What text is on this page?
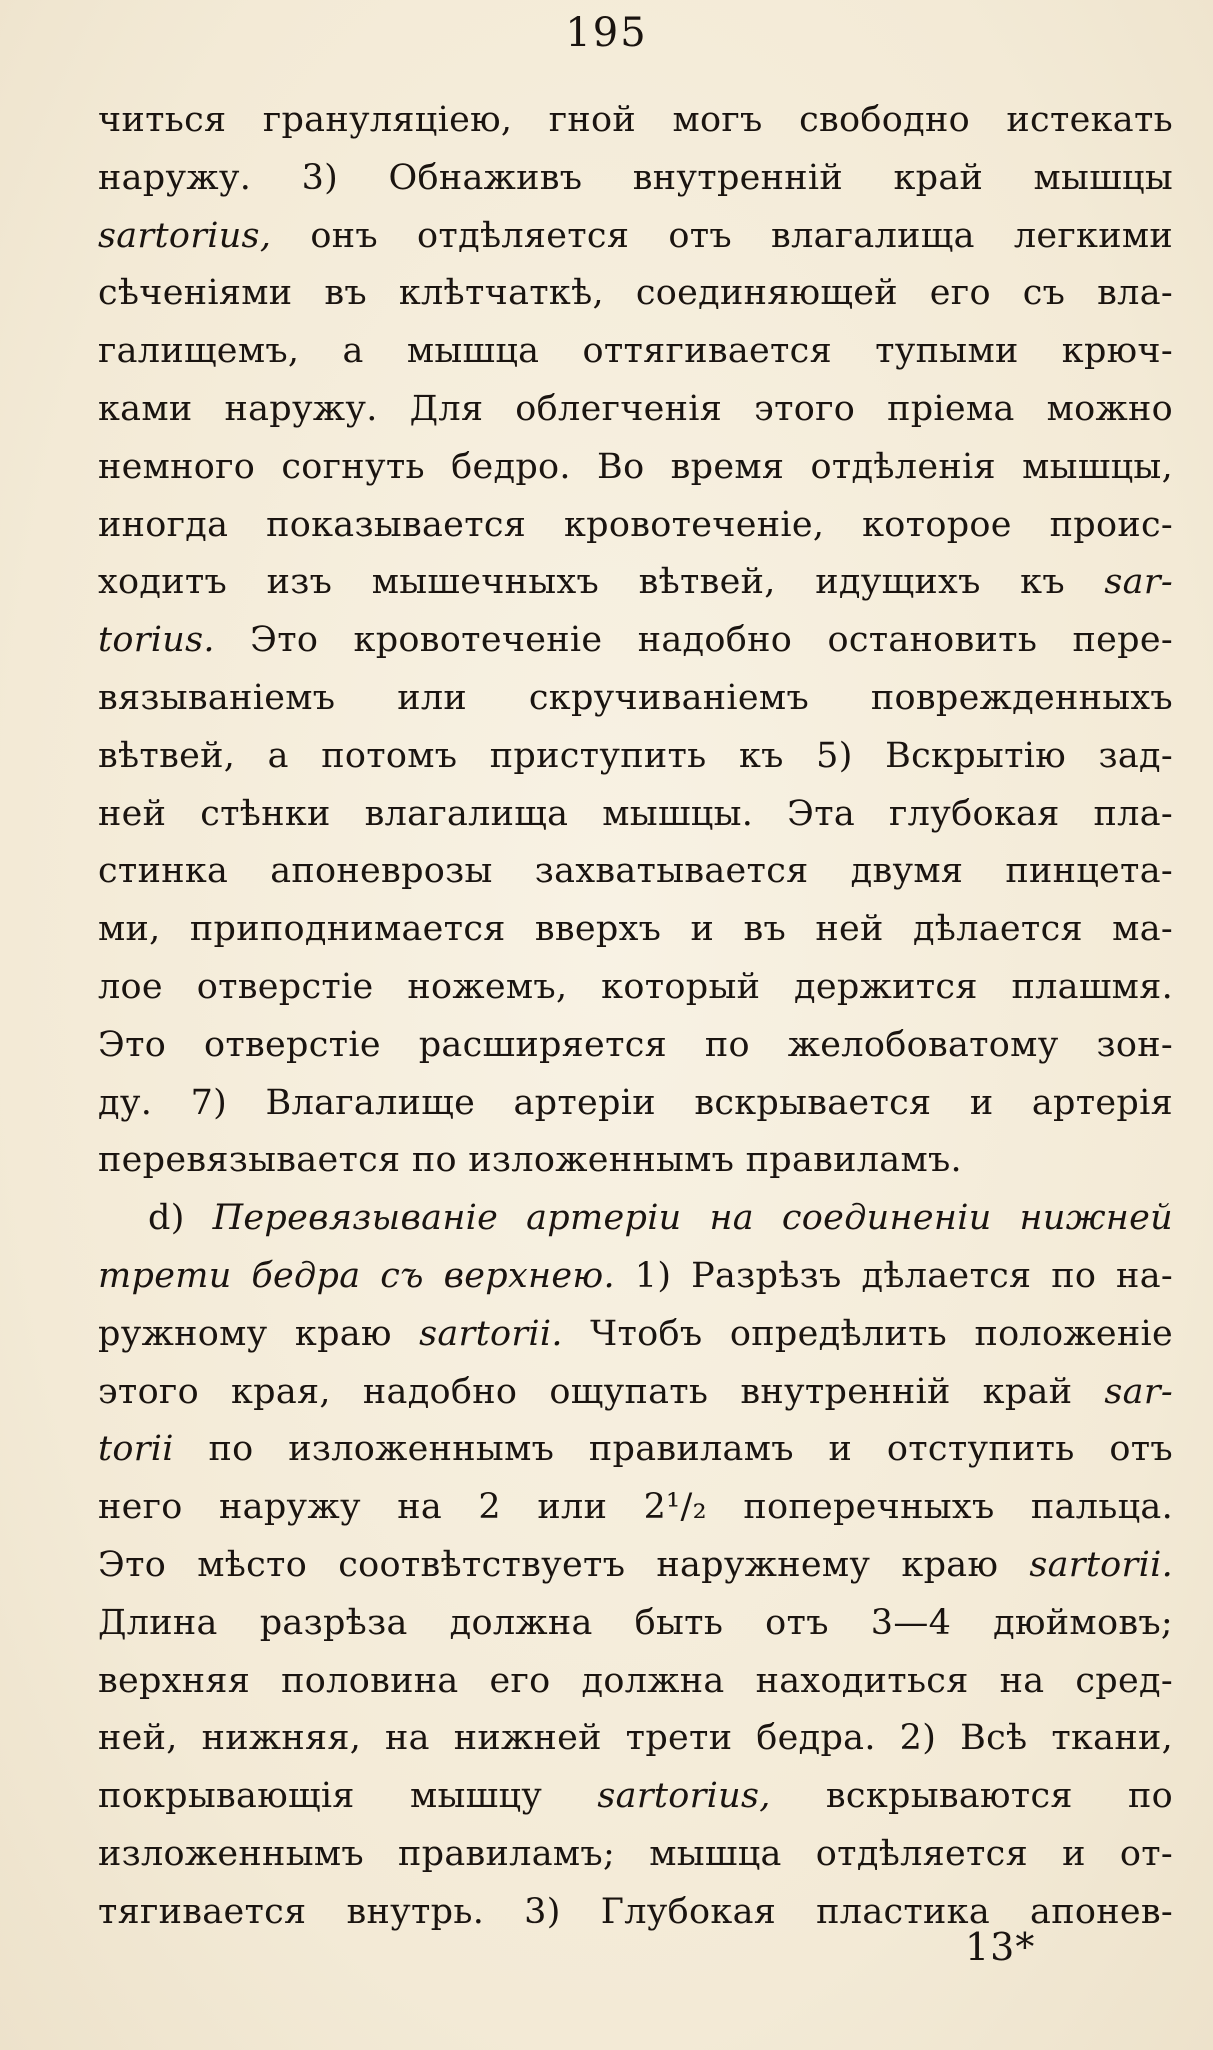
195
читься грануляціею, гной могъ свободно истекать
наружу. 3) Обнаживъ внутренній край мышцы
sartorius, онъ отдѣляется отъ влагалища легкими
сѣченіями въ клѣтчаткѣ, соединяющей его съ вла-
галищемъ, а мышца оттягивается тупыми крюч-
ками наружу. Для облегченія этого пріема можно
немного согнуть бедро. Во время отдѣленія мышцы,
иногда показывается кровотеченіе, которое проис-
ходитъ изъ мышечныхъ вѣтвей, идущихъ къ sar-
torius. Это кровотеченіе надобно остановить пере-
вязываніемъ или скручиваніемъ поврежденныхъ
вѣтвей, а потомъ приступить къ 5) Вскрытію зад-
ней стѣнки влагалища мышцы. Эта глубокая пла-
стинка апоневрозы захватывается двумя пинцета-
ми, приподнимается вверхъ и въ ней дѣлается ма-
лое отверстіе ножемъ, который держится плашмя.
Это отверстіе расширяется по желобоватому зон-
ду. 7) Влагалище артеріи вскрывается и артерія
перевязывается по изложеннымъ правиламъ.
d) Перевязываніе артеріи на соединеніи нижней
трети бедра съ верхнею. 1) Разрѣзъ дѣлается по на-
ружному краю sartorii. Чтобъ опредѣлить положеніе
этого края, надобно ощупать внутренній край sar-
torii по изложеннымъ правиламъ и отступить отъ
него наружу на 2 или 2¹/₂ поперечныхъ пальца.
Это мѣсто соотвѣтствуетъ наружнему краю sartorii.
Длина разрѣза должна быть отъ 3—4 дюймовъ;
верхняя половина его должна находиться на сред-
ней, нижняя, на нижней трети бедра. 2) Всѣ ткани,
покрывающія мышцу sartorius, вскрываются по
изложеннымъ правиламъ; мышца отдѣляется и от-
тягивается внутрь. 3) Глубокая пластика апонев-
13*
